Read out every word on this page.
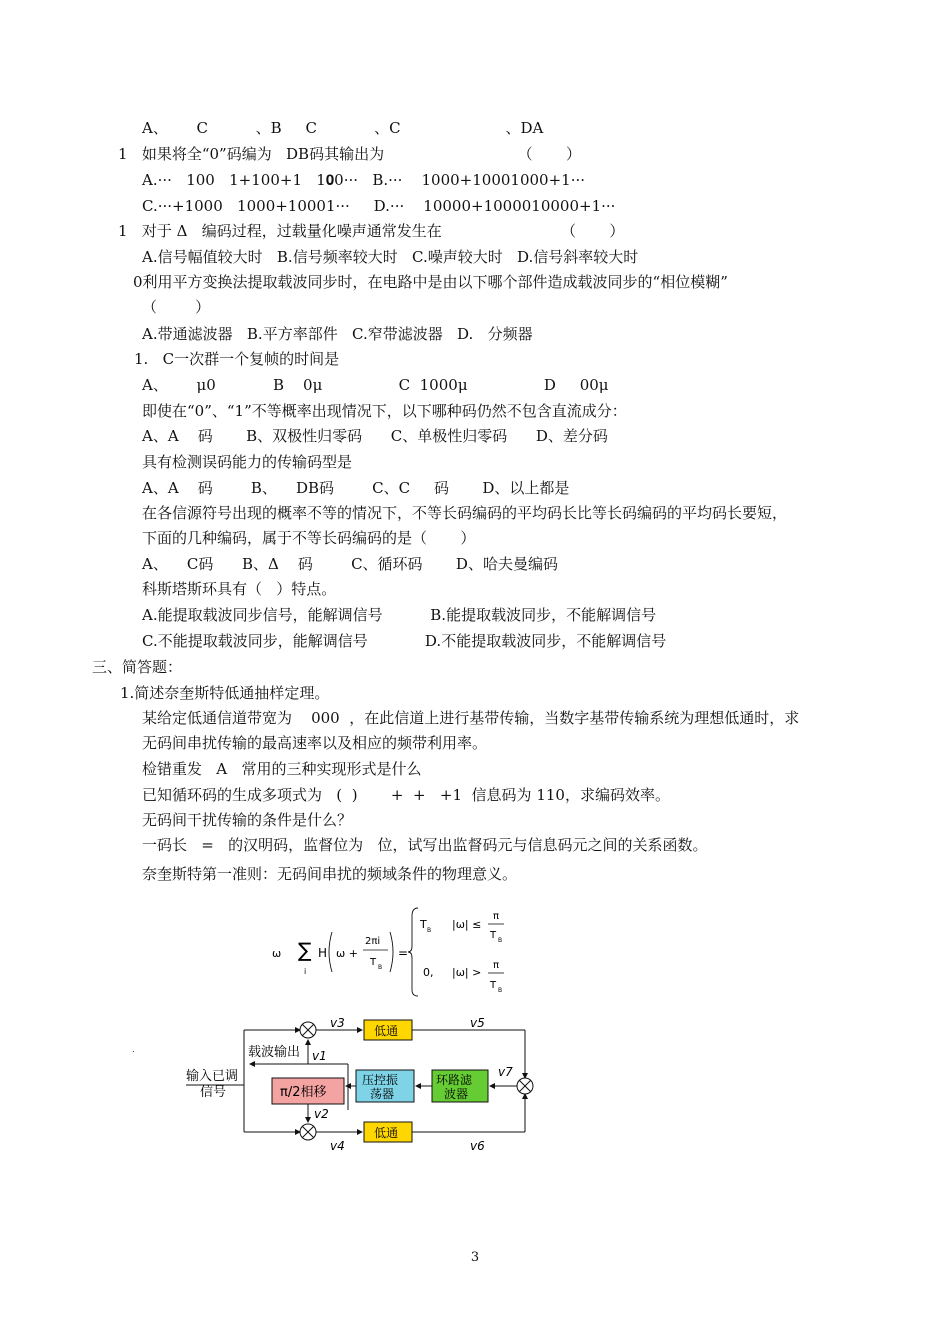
A、      C          、B     C            、C                      、DA
1   如果将全“0”码编为   DB码其输出为                            （       ）
A.···   100   1+100+1   1𝟎0···   B.···    1000+10001000+1···
C.···+1000   1000+10001···     D.···    10000+1000010000+1···
1   对于 Δ   编码过程，过载量化噪声通常发生在                         （       ）
A.信号幅值较大时   B.信号频率较大时   C.噪声较大时   D.信号斜率较大时
0利用平方变换法提取载波同步时，在电路中是由以下哪个部件造成载波同步的“相位模糊”
（        ）
A.带通滤波器   B.平方率部件   C.窄带滤波器   D.   分频器
1.   C一次群一个复帧的时间是
A、      μ0            B    0μ                C  1000μ                D     00μ
即使在“0”、“1”不等概率出现情况下，以下哪种码仍然不包含直流成分：
A、A    码       B、双极性归零码      C、单极性归零码      D、差分码
具有检测误码能力的传输码型是
A、A    码        B、    DB码        C、C     码       D、以上都是
在各信源符号出现的概率不等的情况下，不等长码编码的平均码长比等长码编码的平均码长要短，
下面的几种编码，属于不等长码编码的是（       ）
A、    C码      B、Δ    码        C、循环码       D、哈夫曼编码
科斯塔斯环具有（   ）特点。
A.能提取载波同步信号，能解调信号          B.能提取载波同步，不能解调信号
C.不能提取载波同步，能解调信号            D.不能提取载波同步，不能解调信号
三、简答题：
1.简述奈奎斯特低通抽样定理。
某给定低通信道带宽为    000  ，在此信道上进行基带传输，当数字基带传输系统为理想低通时，求
无码间串扰传输的最高速率以及相应的频带利用率。
检错重发   A   常用的三种实现形式是什么
已知循环码的生成多项式为   (  )       +  +   +1  信息码为 110，求编码效率。
无码间干扰传输的条件是什么？
一码长   =   的汉明码，监督位为   位，试写出监督码元与信息码元之间的关系函数。
奈奎斯特第一准则：无码间串扰的频域条件的物理意义。
ω ∑
i
H ω +
2πi
T B
=
T B |ω| ≤
π
T B
0, |ω| >
π
T B
.
输入已调
信号
v3
低通
v5
v4
低通
v6
v7
环路滤
波器
压控振
荡器
v1
载波输出
π/2相移
v2
3
